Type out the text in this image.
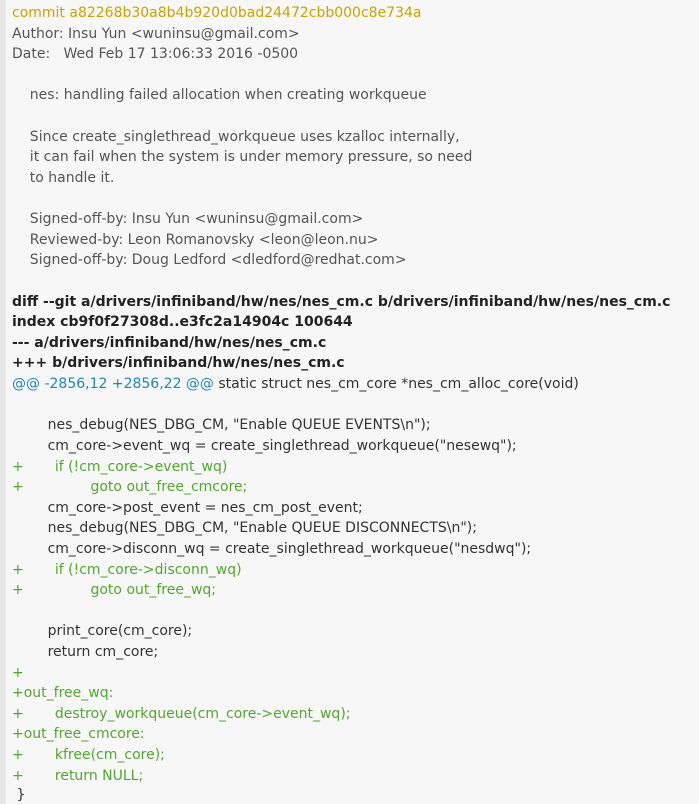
commit a82268b30a8b4b920d0bad24472cbb000c8e734a
Author: Insu Yun <wuninsu@gmail.com>
Date:   Wed Feb 17 13:06:33 2016 -0500
nes: handling failed allocation when creating workqueue
Since create_singlethread_workqueue uses kzalloc internally,
it can fail when the system is under memory pressure, so need
to handle it.
Signed-off-by: Insu Yun <wuninsu@gmail.com>
Reviewed-by: Leon Romanovsky <leon@leon.nu>
Signed-off-by: Doug Ledford <dledford@redhat.com>
diff --git a/drivers/infiniband/hw/nes/nes_cm.c b/drivers/infiniband/hw/nes/nes_cm.c
index cb9f0f27308d..e3fc2a14904c 100644
--- a/drivers/infiniband/hw/nes/nes_cm.c
+++ b/drivers/infiniband/hw/nes/nes_cm.c
@@ -2856,12 +2856,22 @@ static struct nes_cm_core *nes_cm_alloc_core(void)
nes_debug(NES_DBG_CM, "Enable QUEUE EVENTS\n");
cm_core->event_wq = create_singlethread_workqueue("nesewq");
+       if (!cm_core->event_wq)
+               goto out_free_cmcore;
cm_core->post_event = nes_cm_post_event;
nes_debug(NES_DBG_CM, "Enable QUEUE DISCONNECTS\n");
cm_core->disconn_wq = create_singlethread_workqueue("nesdwq");
+       if (!cm_core->disconn_wq)
+               goto out_free_wq;
print_core(cm_core);
return cm_core;
+
+out_free_wq:
+       destroy_workqueue(cm_core->event_wq);
+out_free_cmcore:
+       kfree(cm_core);
+       return NULL;
}
